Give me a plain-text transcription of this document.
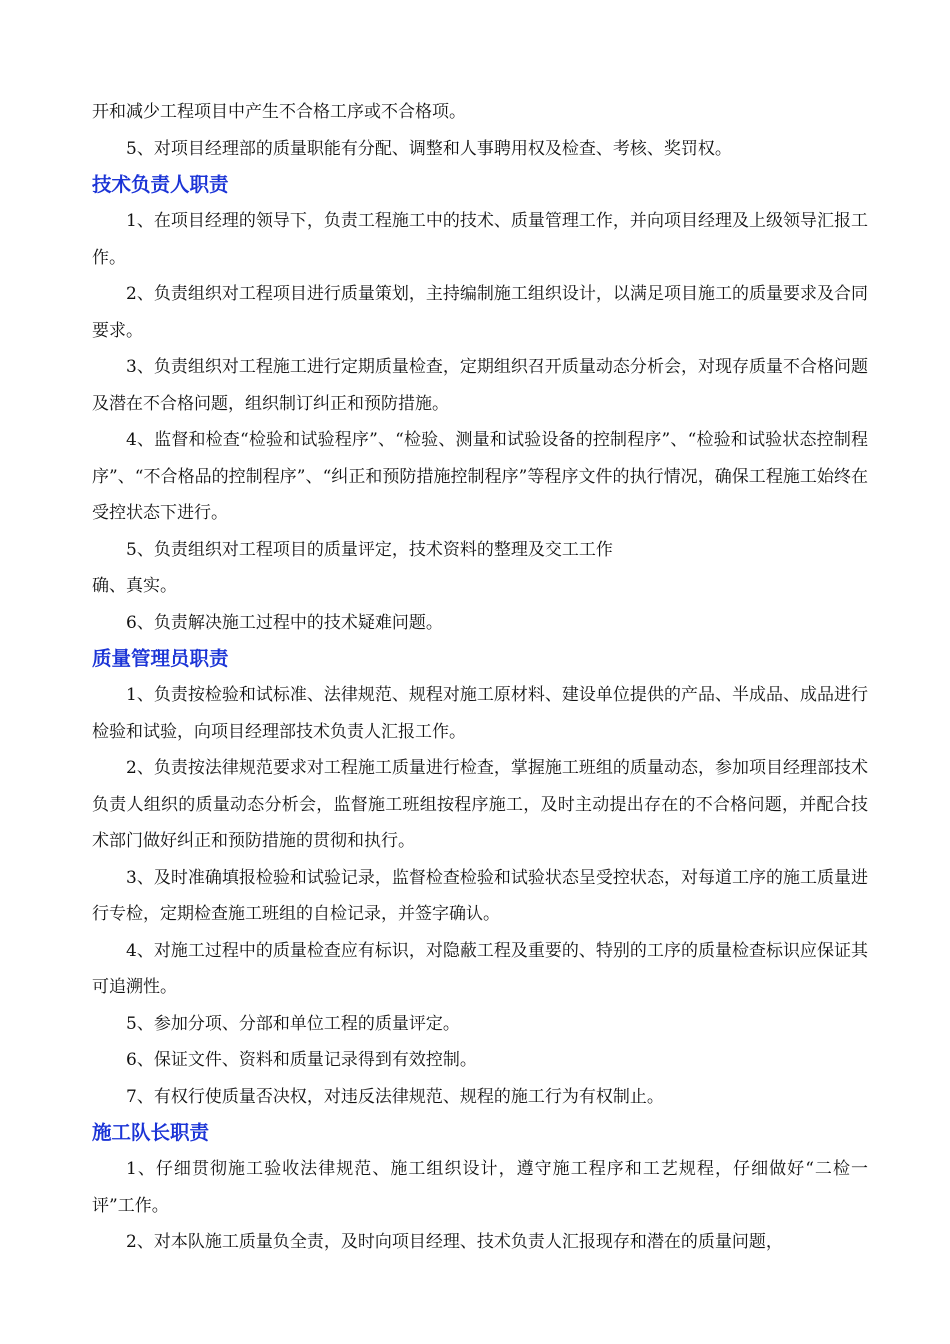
开和减少工程项目中产生不合格工序或不合格项。

5、对项目经理部的质量职能有分配、调整和人事聘用权及检查、考核、奖罚权。

技术负责人职责

1、在项目经理的领导下，负责工程施工中的技术、质量管理工作，并向项目经理及上级领导汇报工作。

2、负责组织对工程项目进行质量策划，主持编制施工组织设计，以满足项目施工的质量要求及合同要求。

3、负责组织对工程施工进行定期质量检查，定期组织召开质量动态分析会，对现存质量不合格问题及潜在不合格问题，组织制订纠正和预防措施。

4、监督和检查“检验和试验程序”、“检验、测量和试验设备的控制程序”、“检验和试验状态控制程序”、“不合格品的控制程序”、“纠正和预防措施控制程序”等程序文件的执行情况，确保工程施工始终在受控状态下进行。

5、负责组织对工程项目的质量评定，技术资料的整理及交工工作

确、真实。

6、负责解决施工过程中的技术疑难问题。

质量管理员职责

1、负责按检验和试标准、法律规范、规程对施工原材料、建设单位提供的产品、半成品、成品进行检验和试验，向项目经理部技术负责人汇报工作。

2、负责按法律规范要求对工程施工质量进行检查，掌握施工班组的质量动态，参加项目经理部技术负责人组织的质量动态分析会，监督施工班组按程序施工，及时主动提出存在的不合格问题，并配合技术部门做好纠正和预防措施的贯彻和执行。

3、及时准确填报检验和试验记录，监督检查检验和试验状态呈受控状态，对每道工序的施工质量进行专检，定期检查施工班组的自检记录，并签字确认。

4、对施工过程中的质量检查应有标识，对隐蔽工程及重要的、特别的工序的质量检查标识应保证其可追溯性。

5、参加分项、分部和单位工程的质量评定。

6、保证文件、资料和质量记录得到有效控制。

7、有权行使质量否决权，对违反法律规范、规程的施工行为有权制止。

施工队长职责

1、仔细贯彻施工验收法律规范、施工组织设计，遵守施工程序和工艺规程，仔细做好“二检一评”工作。

2、对本队施工质量负全责，及时向项目经理、技术负责人汇报现存和潜在的质量问题，
